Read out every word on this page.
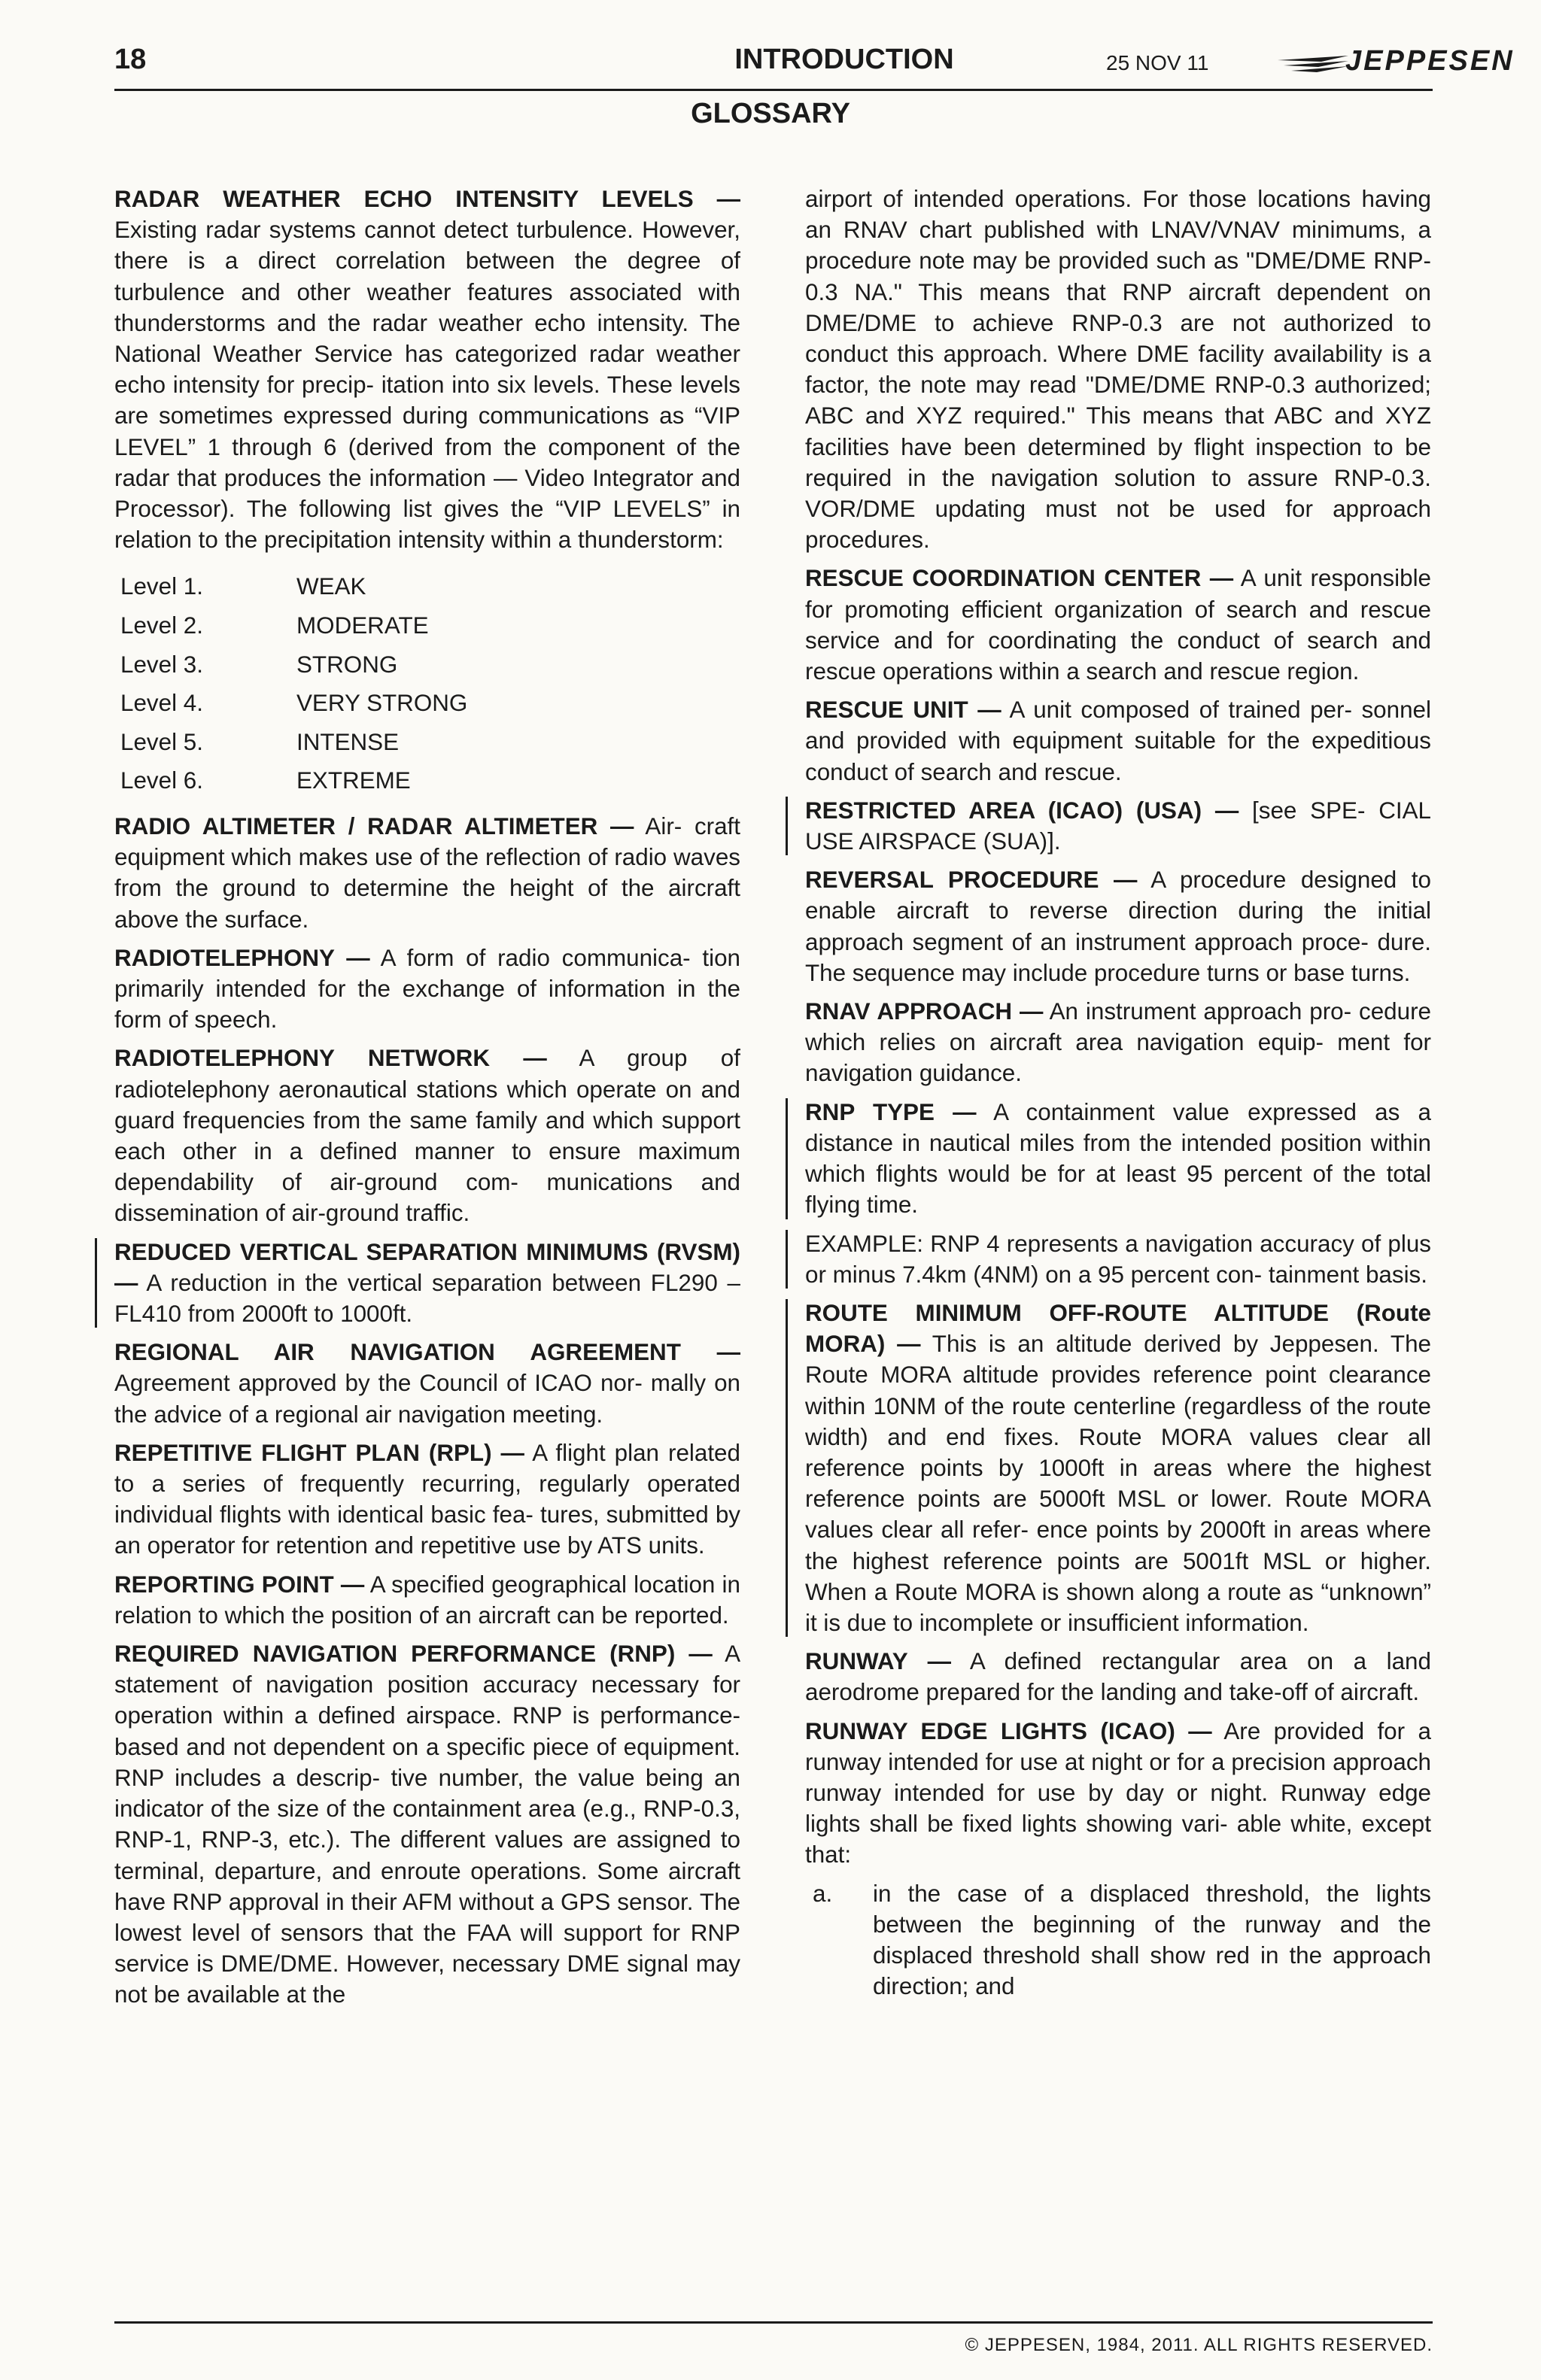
18	INTRODUCTION	25 NOV 11	JEPPESEN
GLOSSARY

RADAR WEATHER ECHO INTENSITY LEVELS — Existing radar systems cannot detect turbulence. However, there is a direct correlation between the degree of turbulence and other weather features associated with thunderstorms and the radar weather echo intensity. The National Weather Service has categorized radar weather echo intensity for precip- itation into six levels. These levels are sometimes expressed during communications as “VIP LEVEL” 1 through 6 (derived from the component of the radar that produces the information — Video Integrator and Processor). The following list gives the “VIP LEVELS” in relation to the precipitation intensity within a thunderstorm:

Level 1.	WEAK
Level 2.	MODERATE
Level 3.	STRONG
Level 4.	VERY STRONG
Level 5.	INTENSE
Level 6.	EXTREME

RADIO ALTIMETER / RADAR ALTIMETER — Air- craft equipment which makes use of the reflection of radio waves from the ground to determine the height of the aircraft above the surface.

RADIOTELEPHONY — A form of radio communica- tion primarily intended for the exchange of information in the form of speech.

RADIOTELEPHONY NETWORK — A group of radiotelephony aeronautical stations which operate on and guard frequencies from the same family and which support each other in a defined manner to ensure maximum dependability of air-ground com- munications and dissemination of air-ground traffic.

REDUCED VERTICAL SEPARATION MINIMUMS (RVSM) — A reduction in the vertical separation between FL290 – FL410 from 2000ft to 1000ft.

REGIONAL AIR NAVIGATION AGREEMENT — Agreement approved by the Council of ICAO nor- mally on the advice of a regional air navigation meeting.

REPETITIVE FLIGHT PLAN (RPL) — A flight plan related to a series of frequently recurring, regularly operated individual flights with identical basic fea- tures, submitted by an operator for retention and repetitive use by ATS units.

REPORTING POINT — A specified geographical location in relation to which the position of an aircraft can be reported.

REQUIRED NAVIGATION PERFORMANCE (RNP) — A statement of navigation position accuracy necessary for operation within a defined airspace. RNP is performance-based and not dependent on a specific piece of equipment. RNP includes a descrip- tive number, the value being an indicator of the size of the containment area (e.g., RNP-0.3, RNP-1, RNP-3, etc.). The different values are assigned to terminal, departure, and enroute operations. Some aircraft have RNP approval in their AFM without a GPS sensor. The lowest level of sensors that the FAA will support for RNP service is DME/DME. However, necessary DME signal may not be available at the

airport of intended operations. For those locations having an RNAV chart published with LNAV/VNAV minimums, a procedure note may be provided such as "DME/DME RNP-0.3 NA." This means that RNP aircraft dependent on DME/DME to achieve RNP-0.3 are not authorized to conduct this approach. Where DME facility availability is a factor, the note may read "DME/DME RNP-0.3 authorized; ABC and XYZ required." This means that ABC and XYZ facilities have been determined by flight inspection to be required in the navigation solution to assure RNP-0.3. VOR/DME updating must not be used for approach procedures.

RESCUE COORDINATION CENTER — A unit responsible for promoting efficient organization of search and rescue service and for coordinating the conduct of search and rescue operations within a search and rescue region.

RESCUE UNIT — A unit composed of trained per- sonnel and provided with equipment suitable for the expeditious conduct of search and rescue.

RESTRICTED AREA (ICAO) (USA) — [see SPE- CIAL USE AIRSPACE (SUA)].

REVERSAL PROCEDURE — A procedure designed to enable aircraft to reverse direction during the initial approach segment of an instrument approach proce- dure. The sequence may include procedure turns or base turns.

RNAV APPROACH — An instrument approach pro- cedure which relies on aircraft area navigation equip- ment for navigation guidance.

RNP TYPE — A containment value expressed as a distance in nautical miles from the intended position within which flights would be for at least 95 percent of the total flying time.

EXAMPLE: RNP 4 represents a navigation accuracy of plus or minus 7.4km (4NM) on a 95 percent con- tainment basis.

ROUTE MINIMUM OFF-ROUTE ALTITUDE (Route MORA) — This is an altitude derived by Jeppesen. The Route MORA altitude provides reference point clearance within 10NM of the route centerline (regardless of the route width) and end fixes. Route MORA values clear all reference points by 1000ft in areas where the highest reference points are 5000ft MSL or lower. Route MORA values clear all refer- ence points by 2000ft in areas where the highest reference points are 5001ft MSL or higher. When a Route MORA is shown along a route as “unknown” it is due to incomplete or insufficient information.

RUNWAY — A defined rectangular area on a land aerodrome prepared for the landing and take-off of aircraft.

RUNWAY EDGE LIGHTS (ICAO) — Are provided for a runway intended for use at night or for a precision approach runway intended for use by day or night. Runway edge lights shall be fixed lights showing vari- able white, except that:

a.	in the case of a displaced threshold, the lights between the beginning of the runway and the displaced threshold shall show red in the approach direction; and
© JEPPESEN, 1984, 2011. ALL RIGHTS RESERVED.
